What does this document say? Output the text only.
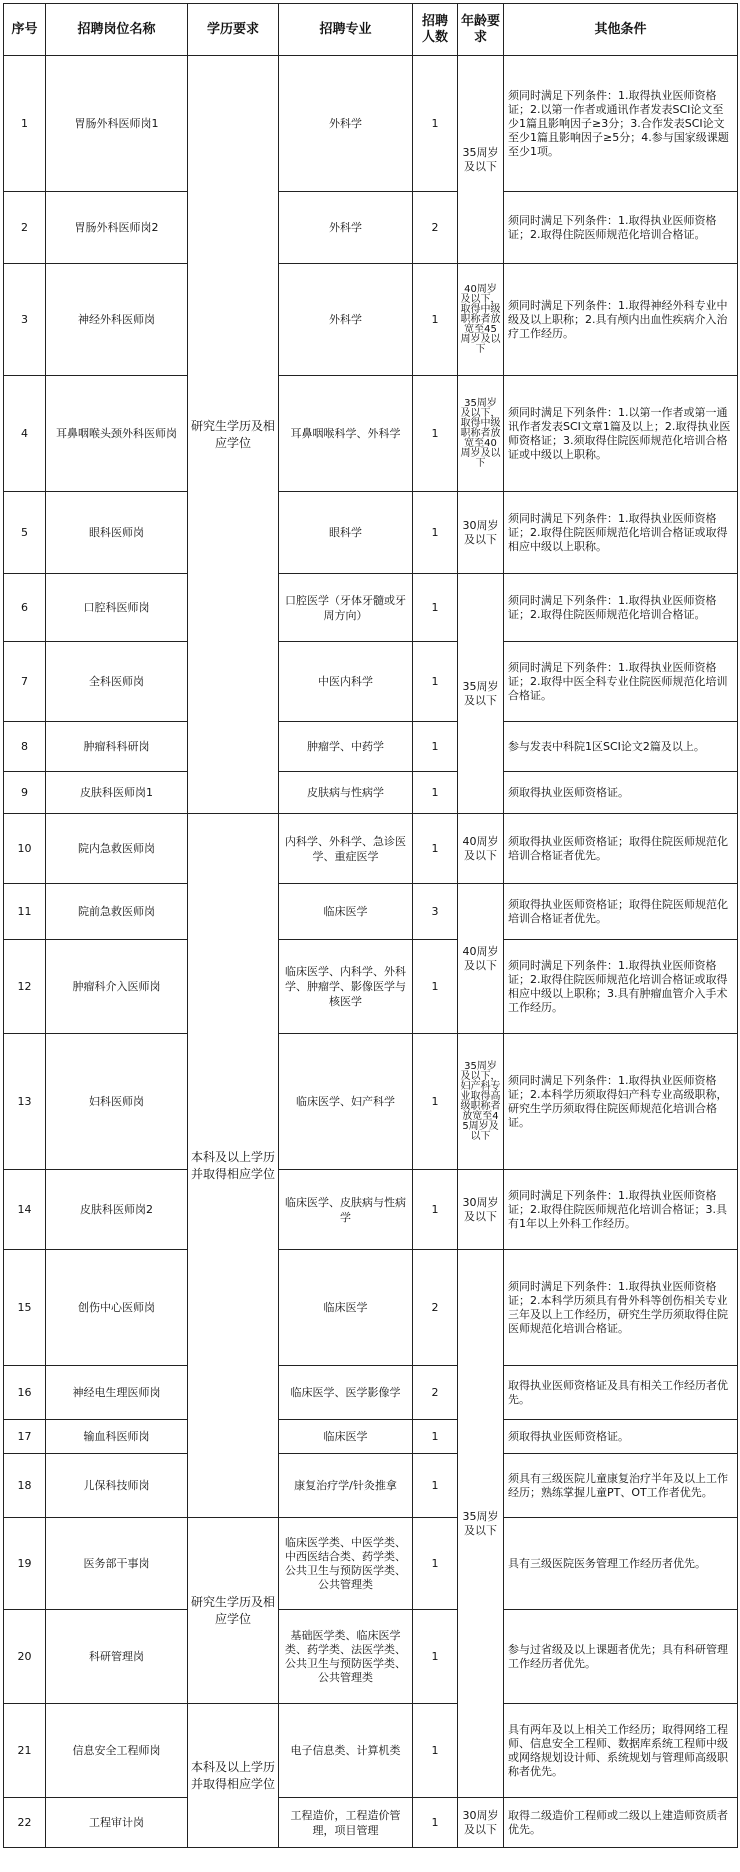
序号	招聘岗位名称	学历要求	招聘专业	招聘人数	年龄要求	其他条件
1	胃肠外科医师岗1	研究生学历及相应学位	外科学	1	35周岁及以下	须同时满足下列条件：1.取得执业医师资格证；2.以第一作者或通讯作者发表SCI论文至少1篇且影响因子≥3分；3.合作发表SCI论文至少1篇且影响因子≥5分；4.参与国家级课题至少1项。
2	胃肠外科医师岗2		外科学	2		须同时满足下列条件：1.取得执业医师资格证；2.取得住院医师规范化培训合格证。
3	神经外科医师岗		外科学	1	40周岁及以下，取得中级职称者放宽至45周岁及以下	须同时满足下列条件：1.取得神经外科专业中级及以上职称；2.具有颅内出血性疾病介入治疗工作经历。
4	耳鼻咽喉头颈外科医师岗		耳鼻咽喉科学、外科学	1	35周岁及以下，取得中级职称者放宽至40周岁及以下	须同时满足下列条件：1.以第一作者或第一通讯作者发表SCI文章1篇及以上；2.取得执业医师资格证；3.须取得住院医师规范化培训合格证或中级以上职称。
5	眼科医师岗		眼科学	1	30周岁及以下	须同时满足下列条件：1.取得执业医师资格证；2.取得住院医师规范化培训合格证或取得相应中级以上职称。
6	口腔科医师岗		口腔医学（牙体牙髓或牙周方向）	1	35周岁及以下	须同时满足下列条件：1.取得执业医师资格证；2.取得住院医师规范化培训合格证。
7	全科医师岗		中医内科学	1		须同时满足下列条件：1.取得执业医师资格证；2.取得中医全科专业住院医师规范化培训合格证。
8	肿瘤科科研岗		肿瘤学、中药学	1		参与发表中科院1区SCI论文2篇及以上。
9	皮肤科医师岗1		皮肤病与性病学	1		须取得执业医师资格证。
10	院内急救医师岗	本科及以上学历并取得相应学位	内科学、外科学、急诊医学、重症医学	1	40周岁及以下	须取得执业医师资格证；取得住院医师规范化培训合格证者优先。
11	院前急救医师岗		临床医学	3	40周岁及以下	须取得执业医师资格证；取得住院医师规范化培训合格证者优先。
12	肿瘤科介入医师岗		临床医学、内科学、外科学、肿瘤学、影像医学与核医学	1		须同时满足下列条件：1.取得执业医师资格证；2.取得住院医师规范化培训合格证或取得相应中级以上职称；3.具有肿瘤血管介入手术工作经历。
13	妇科医师岗		临床医学、妇产科学	1	35周岁及以下，妇产科专业取得高级职称者放宽至45周岁及以下	须同时满足下列条件：1.取得执业医师资格证；2.本科学历须取得妇产科专业高级职称，研究生学历须取得住院医师规范化培训合格证。
14	皮肤科医师岗2		临床医学、皮肤病与性病学	1	30周岁及以下	须同时满足下列条件：1.取得执业医师资格证；2.取得住院医师规范化培训合格证；3.具有1年以上外科工作经历。
15	创伤中心医师岗		临床医学	2	35周岁及以下	须同时满足下列条件：1.取得执业医师资格证；2.本科学历须具有骨外科等创伤相关专业三年及以上工作经历，研究生学历须取得住院医师规范化培训合格证。
16	神经电生理医师岗		临床医学、医学影像学	2		取得执业医师资格证及具有相关工作经历者优先。
17	输血科医师岗		临床医学	1		须取得执业医师资格证。
18	儿保科技师岗		康复治疗学/针灸推拿	1		须具有三级医院儿童康复治疗半年及以上工作经历；熟练掌握儿童PT、OT工作者优先。
19	医务部干事岗	研究生学历及相应学位	临床医学类、中医学类、中西医结合类、药学类、公共卫生与预防医学类、公共管理类	1		具有三级医院医务管理工作经历者优先。
20	科研管理岗		基础医学类、临床医学类、药学类、法医学类、公共卫生与预防医学类、公共管理类	1		参与过省级及以上课题者优先；具有科研管理工作经历者优先。
21	信息安全工程师岗	本科及以上学历并取得相应学位	电子信息类、计算机类	1		具有两年及以上相关工作经历；取得网络工程师、信息安全工程师、数据库系统工程师中级或网络规划设计师、系统规划与管理师高级职称者优先。
22	工程审计岗		工程造价，工程造价管理，项目管理	1	30周岁及以下	取得二级造价工程师或二级以上建造师资质者优先。
